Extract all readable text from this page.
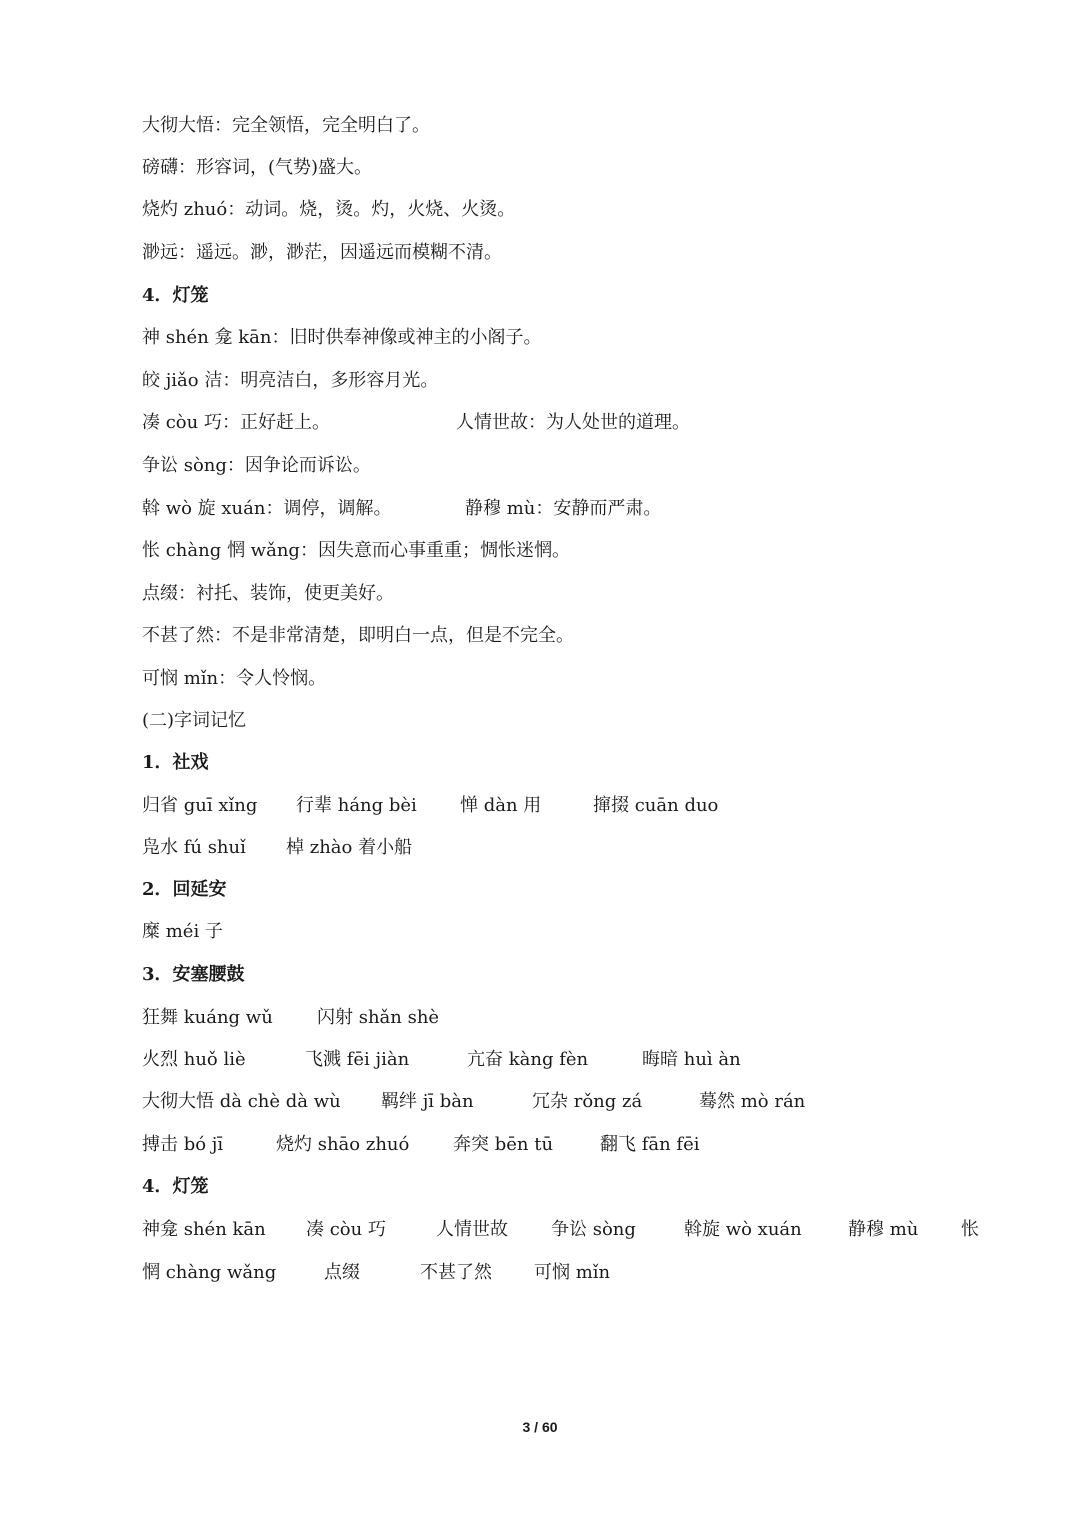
大彻大悟：完全领悟，完全明白了。
磅礴：形容词，(气势)盛大。
烧灼 zhuó：动词。烧，烫。灼，火烧、火烫。
渺远：遥远。渺，渺茫，因遥远而模糊不清。
4．灯笼
神 shén 龛 kān：旧时供奉神像或神主的小阁子。
皎 jiǎo 洁：明亮洁白，多形容月光。
凑 còu 巧：正好赶上。	人情世故：为人处世的道理。
争讼 sòng：因争论而诉讼。
斡 wò 旋 xuán：调停，调解。	静穆 mù：安静而严肃。
怅 chàng 惘 wǎng：因失意而心事重重；惆怅迷惘。
点缀：衬托、装饰，使更美好。
不甚了然：不是非常清楚，即明白一点，但是不完全。
可悯 mǐn：令人怜悯。
(二)字词记忆
1．社戏
归省 guī xǐng 行辈 háng bèi 惮 dàn 用	撺掇 cuān duo
凫水 fú shuǐ 棹 zhào 着小船
2．回延安
糜 méi 子
3．安塞腰鼓
狂舞 kuáng wǔ 闪射 shǎn shè
火烈 huǒ liè	飞溅 fēi jiàn	亢奋 kàng fèn	晦暗 huì àn
大彻大悟 dà chè dà wù 羁绊 jī bàn	冗杂 rǒng zá	蓦然 mò rán
搏击 bó jī	烧灼 shāo zhuó 奔突 bēn tū	翻飞 fān fēi
4．灯笼
神龛 shén kān 凑 còu 巧	人情世故 争讼 sòng	斡旋 wò xuán	静穆 mù 怅
惘 chàng wǎng	点缀	不甚了然 可悯 mǐn
3 / 60
